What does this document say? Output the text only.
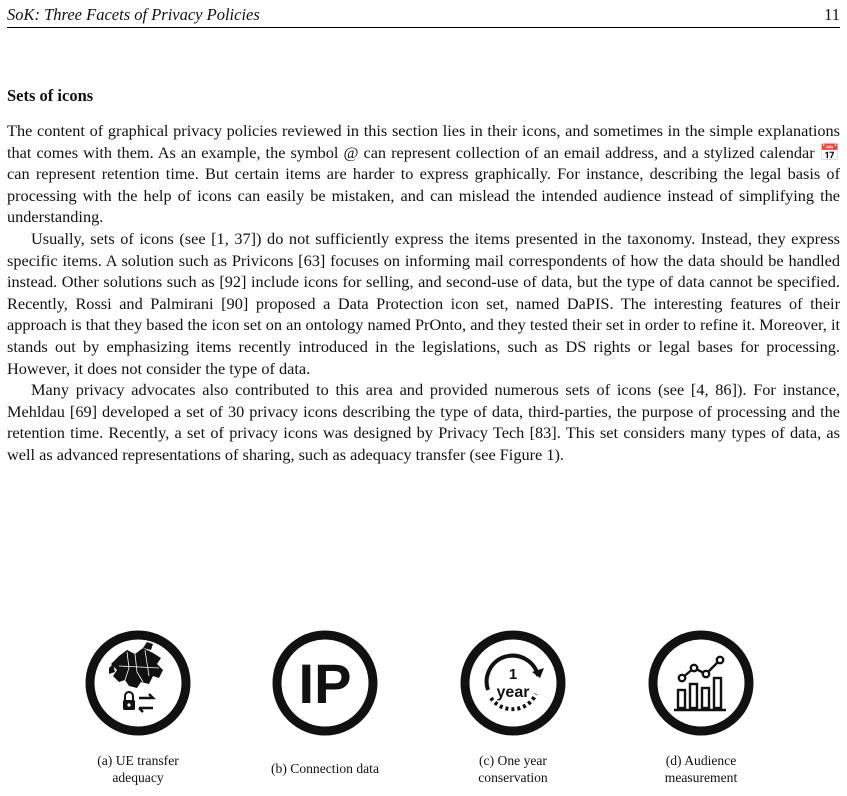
SoK: Three Facets of Privacy Policies	11
Sets of icons

The content of graphical privacy policies reviewed in this section lies in their icons, and sometimes in the simple explanations that comes with them. As an example, the symbol @ can represent collection of an email address, and a stylized calendar 📅 can represent retention time. But certain items are harder to express graphically. For instance, describing the legal basis of processing with the help of icons can easily be mistaken, and can mislead the intended audience instead of simplifying the understanding.

Usually, sets of icons (see [1, 37]) do not sufficiently express the items presented in the taxonomy. Instead, they express specific items. A solution such as Privicons [63] focuses on informing mail correspondents of how the data should be handled instead. Other solutions such as [92] include icons for selling, and second-use of data, but the type of data cannot be specified. Recently, Rossi and Palmirani [90] proposed a Data Protection icon set, named DaPIS. The interesting features of their approach is that they based the icon set on an ontology named PrOnto, and they tested their set in order to refine it. Moreover, it stands out by emphasizing items recently introduced in the legislations, such as DS rights or legal bases for processing. However, it does not consider the type of data.

Many privacy advocates also contributed to this area and provided numerous sets of icons (see [4, 86]). For instance, Mehldau [69] developed a set of 30 privacy icons describing the type of data, third-parties, the purpose of processing and the retention time. Recently, a set of privacy icons was designed by Privacy Tech [83]. This set considers many types of data, as well as advanced representations of sharing, such as adequacy transfer (see Figure 1).

(a) UE transfer
adequacy
IP
(b) Connection data
1
year
(c) One year
conservation
(d) Audience
measurement
